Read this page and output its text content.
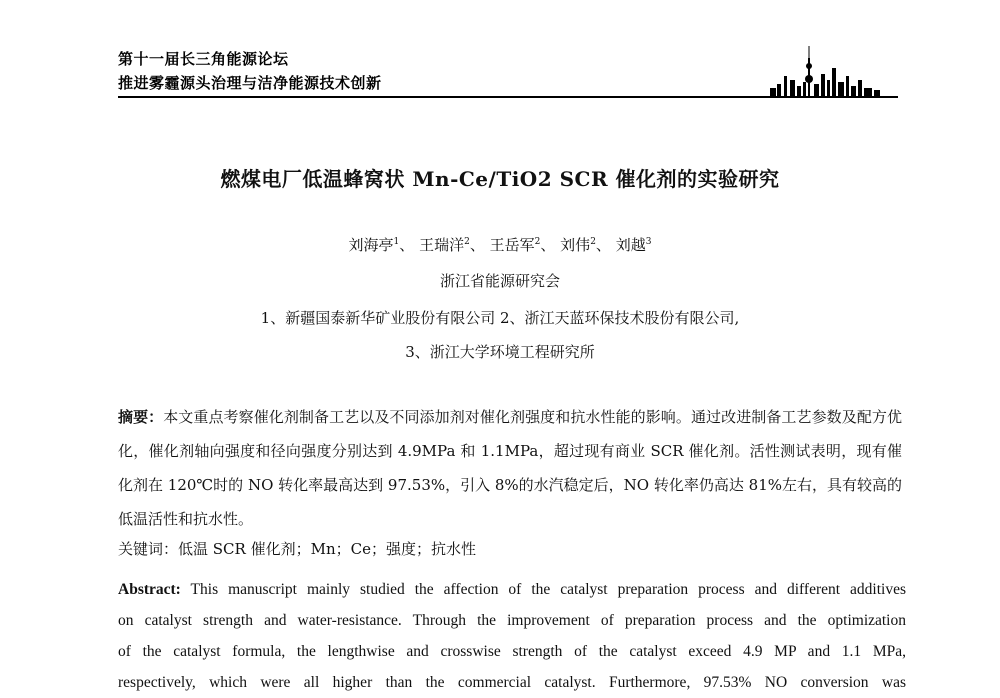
第十一届长三角能源论坛
推进雾霾源头治理与洁净能源技术创新
燃煤电厂低温蜂窝状 Mn-Ce/TiO2 SCR 催化剂的实验研究
刘海亭$^1$、 王瑞洋$^2$、 王岳军$^2$、 刘伟$^2$、 刘越$^3$
浙江省能源研究会
1、新疆国泰新华矿业股份有限公司 2、浙江天蓝环保技术股份有限公司,
3、浙江大学环境工程研究所
摘要：本文重点考察催化剂制备工艺以及不同添加剂对催化剂强度和抗水性能的影响。通过改进制备工艺参数及配方优化，催化剂轴向强度和径向强度分别达到 4.9MPa 和 1.1MPa，超过现有商业 SCR 催化剂。活性测试表明，现有催化剂在 120℃时的 NO 转化率最高达到 97.53%，引入 8%的水汽稳定后，NO 转化率仍高达 81%左右，具有较高的低温活性和抗水性。
关键词：低温 SCR 催化剂；Mn；Ce；强度；抗水性
Abstract: This manuscript mainly studied the affection of the catalyst preparation process and different additives
on catalyst strength and water-resistance. Through the improvement of preparation process and the optimization
of the catalyst formula, the lengthwise and crosswise strength of the catalyst exceed 4.9 MP and 1.1 MPa,
respectively, which were all higher than the commercial catalyst. Furthermore, 97.53% NO conversion was
